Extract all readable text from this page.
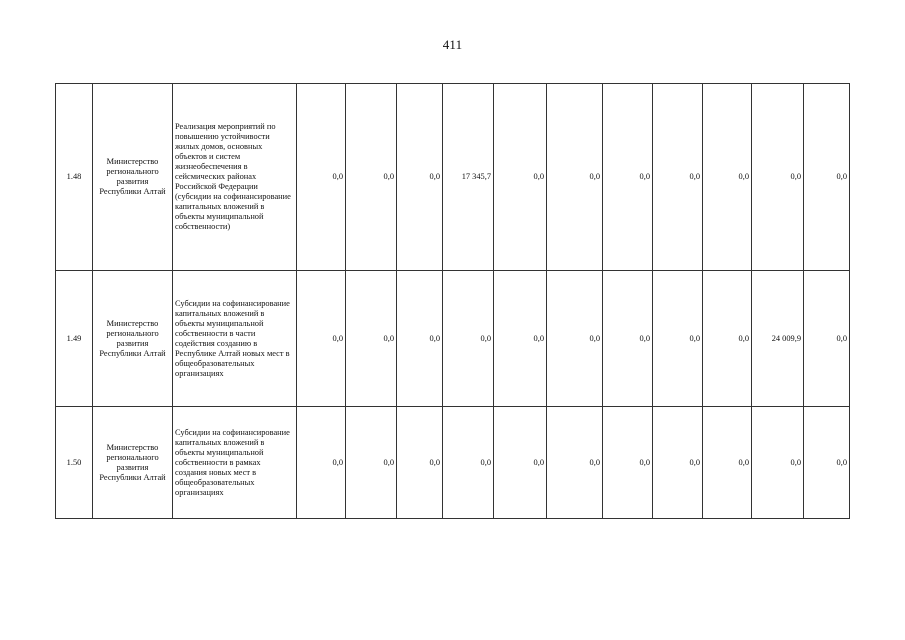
411
1.48	Министерство регионального развития Республики Алтай	Реализация мероприятий по повышению устойчивости жилых домов, основных объектов и систем жизнеобеспечения в сейсмических районах Российской Федерации (субсидии на софинансирование капитальных вложений в объекты муниципальной собственности)	0,0	0,0	0,0	17 345,7	0,0	0,0	0,0	0,0	0,0	0,0	0,0
1.49	Министерство регионального развития Республики Алтай	Субсидии на софинансирование капитальных вложений в объекты муниципальной собственности в части содействия созданию в Республике Алтай новых мест в общеобразовательных организациях	0,0	0,0	0,0	0,0	0,0	0,0	0,0	0,0	0,0	24 009,9	0,0
1.50	Министерство регионального развития Республики Алтай	Субсидии на софинансирование капитальных вложений в объекты муниципальной собственности в рамках создания новых мест в общеобразовательных организациях	0,0	0,0	0,0	0,0	0,0	0,0	0,0	0,0	0,0	0,0	0,0
